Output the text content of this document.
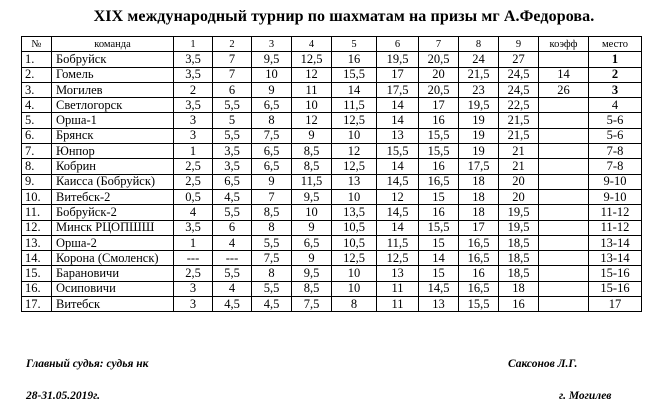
XIX международный турнир по шахматам на призы мг А.Федорова.
№	команда	1	2	3	4	5	6	7	8	9	коэфф	место
1.	Бобруйск	3,5	7	9,5	12,5	16	19,5	20,5	24	27		1
2.	Гомель	3,5	7	10	12	15,5	17	20	21,5	24,5	14	2
3.	Могилев	2	6	9	11	14	17,5	20,5	23	24,5	26	3
4.	Светлогорск	3,5	5,5	6,5	10	11,5	14	17	19,5	22,5		4
5.	Орша-1	3	5	8	12	12,5	14	16	19	21,5		5-6
6.	Брянск	3	5,5	7,5	9	10	13	15,5	19	21,5		5-6
7.	Юнпор	1	3,5	6,5	8,5	12	15,5	15,5	19	21		7-8
8.	Кобрин	2,5	3,5	6,5	8,5	12,5	14	16	17,5	21		7-8
9.	Каисса (Бобруйск)	2,5	6,5	9	11,5	13	14,5	16,5	18	20		9-10
10.	Витебск-2	0,5	4,5	7	9,5	10	12	15	18	20		9-10
11.	Бобруйск-2	4	5,5	8,5	10	13,5	14,5	16	18	19,5		11-12
12.	Минск РЦОПШШ	3,5	6	8	9	10,5	14	15,5	17	19,5		11-12
13.	Орша-2	1	4	5,5	6,5	10,5	11,5	15	16,5	18,5		13-14
14.	Корона (Смоленск)	---	---	7,5	9	12,5	12,5	14	16,5	18,5		13-14
15.	Барановичи	2,5	5,5	8	9,5	10	13	15	16	18,5		15-16
16.	Осиповичи	3	4	5,5	8,5	10	11	14,5	16,5	18		15-16
17.	Витебск	3	4,5	4,5	7,5	8	11	13	15,5	16		17
Главный судья: судья нк	Саксонов Л.Г.
28-31.05.2019г.	г. Могилев
